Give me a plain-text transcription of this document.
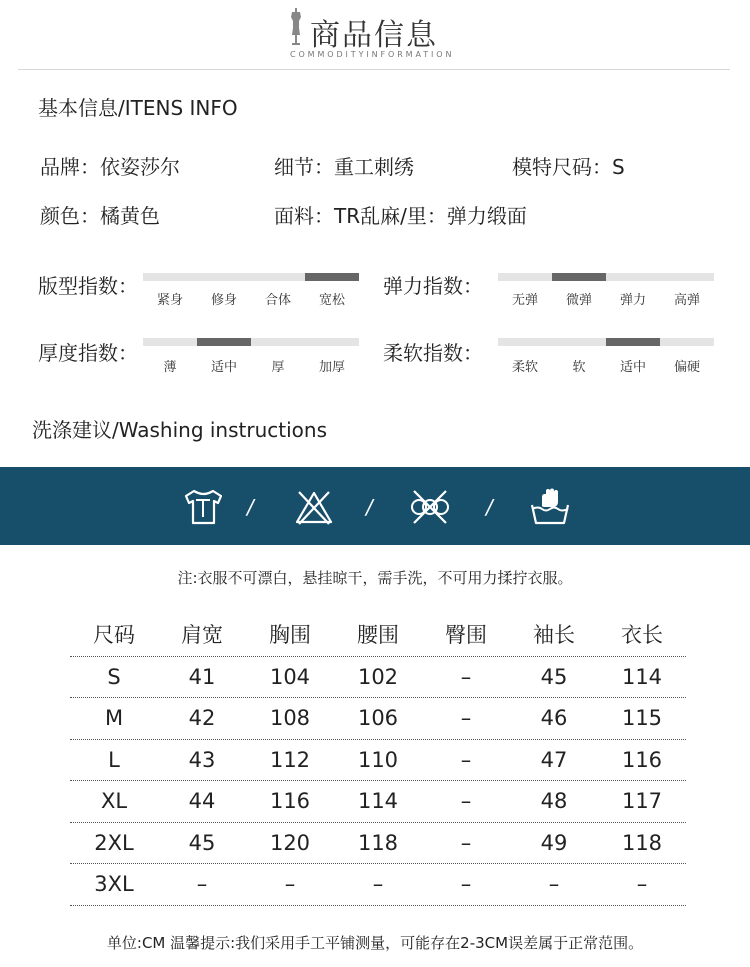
商品信息
COMMODITYINFORMATION
基本信息/ITENS INFO
品牌：依姿莎尔	细节：重工刺绣	模特尺码：S
颜色：橘黄色	面料：TR乱麻/里：弹力缎面
版型指数：
紧身	修身	合体	宽松
弹力指数：
无弹	微弹	弹力	高弹
厚度指数：
薄	适中	厚	加厚
柔软指数：
柔软	软	适中	偏硬
洗涤建议/Washing instructions
/	/	/
注:衣服不可漂白，悬挂晾干，需手洗，不可用力揉拧衣服。
尺码	肩宽	胸围	腰围	臀围	袖长	衣长
S	41	104	102	–	45	114
M	42	108	106	–	46	115
L	43	112	110	–	47	116
XL	44	116	114	–	48	117
2XL	45	120	118	–	49	118
3XL	–	–	–	–	–	–
单位:CM 温馨提示:我们采用手工平铺测量，可能存在2-3CM误差属于正常范围。
